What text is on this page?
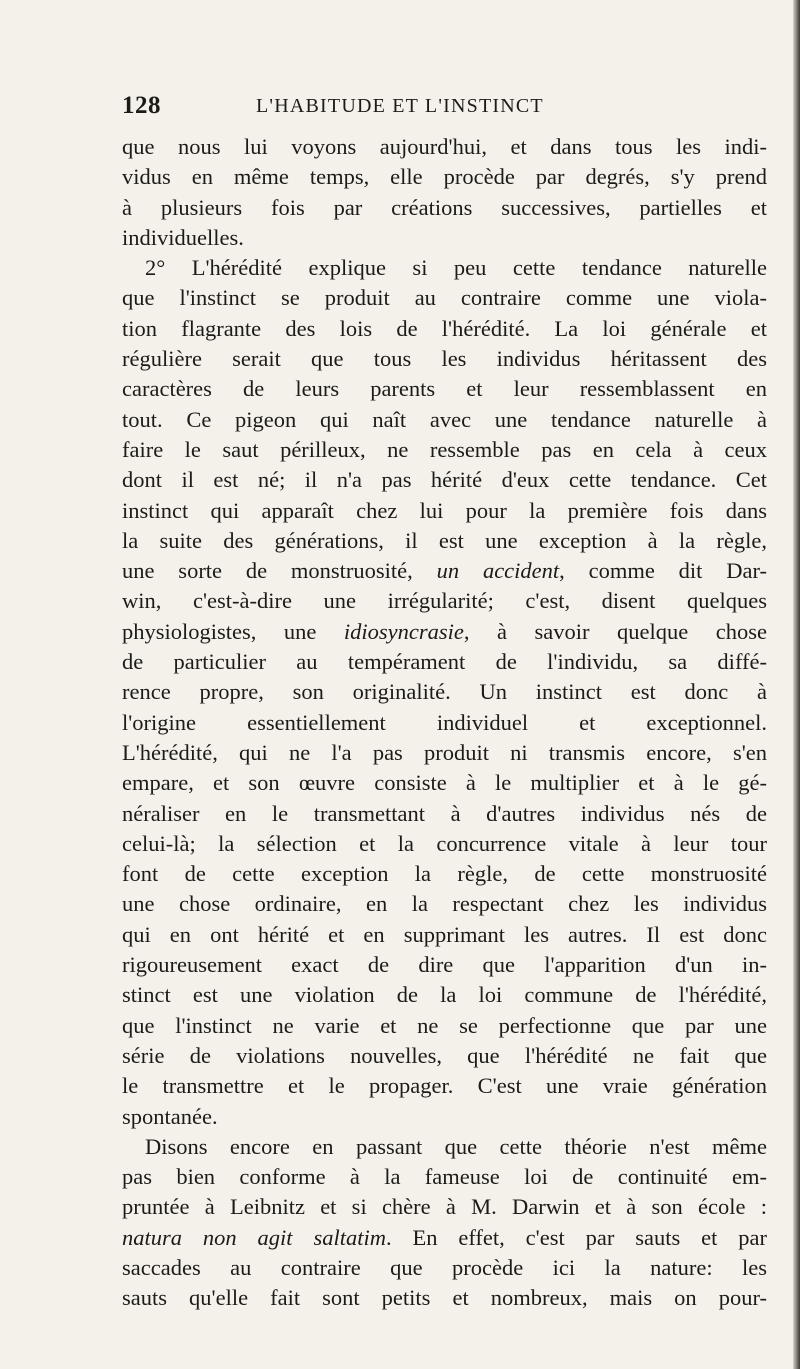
128	L'HABITUDE ET L'INSTINCT
que nous lui voyons aujourd'hui, et dans tous les indi-
vidus en même temps, elle procède par degrés, s'y prend
à plusieurs fois par créations successives, partielles et
individuelles.
2° L'hérédité explique si peu cette tendance naturelle
que l'instinct se produit au contraire comme une viola-
tion flagrante des lois de l'hérédité. La loi générale et
régulière serait que tous les individus héritassent des
caractères de leurs parents et leur ressemblassent en
tout. Ce pigeon qui naît avec une tendance naturelle à
faire le saut périlleux, ne ressemble pas en cela à ceux
dont il est né; il n'a pas hérité d'eux cette tendance. Cet
instinct qui apparaît chez lui pour la première fois dans
la suite des générations, il est une exception à la règle,
une sorte de monstruosité, un accident, comme dit Dar-
win, c'est-à-dire une irrégularité; c'est, disent quelques
physiologistes, une idiosyncrasie, à savoir quelque chose
de particulier au tempérament de l'individu, sa diffé-
rence propre, son originalité. Un instinct est donc à
l'origine essentiellement individuel et exceptionnel.
L'hérédité, qui ne l'a pas produit ni transmis encore, s'en
empare, et son œuvre consiste à le multiplier et à le gé-
néraliser en le transmettant à d'autres individus nés de
celui-là; la sélection et la concurrence vitale à leur tour
font de cette exception la règle, de cette monstruosité
une chose ordinaire, en la respectant chez les individus
qui en ont hérité et en supprimant les autres. Il est donc
rigoureusement exact de dire que l'apparition d'un in-
stinct est une violation de la loi commune de l'hérédité,
que l'instinct ne varie et ne se perfectionne que par une
série de violations nouvelles, que l'hérédité ne fait que
le transmettre et le propager. C'est une vraie génération
spontanée.
Disons encore en passant que cette théorie n'est même
pas bien conforme à la fameuse loi de continuité em-
pruntée à Leibnitz et si chère à M. Darwin et à son école :
natura non agit saltatim. En effet, c'est par sauts et par
saccades au contraire que procède ici la nature: les
sauts qu'elle fait sont petits et nombreux, mais on pour-
